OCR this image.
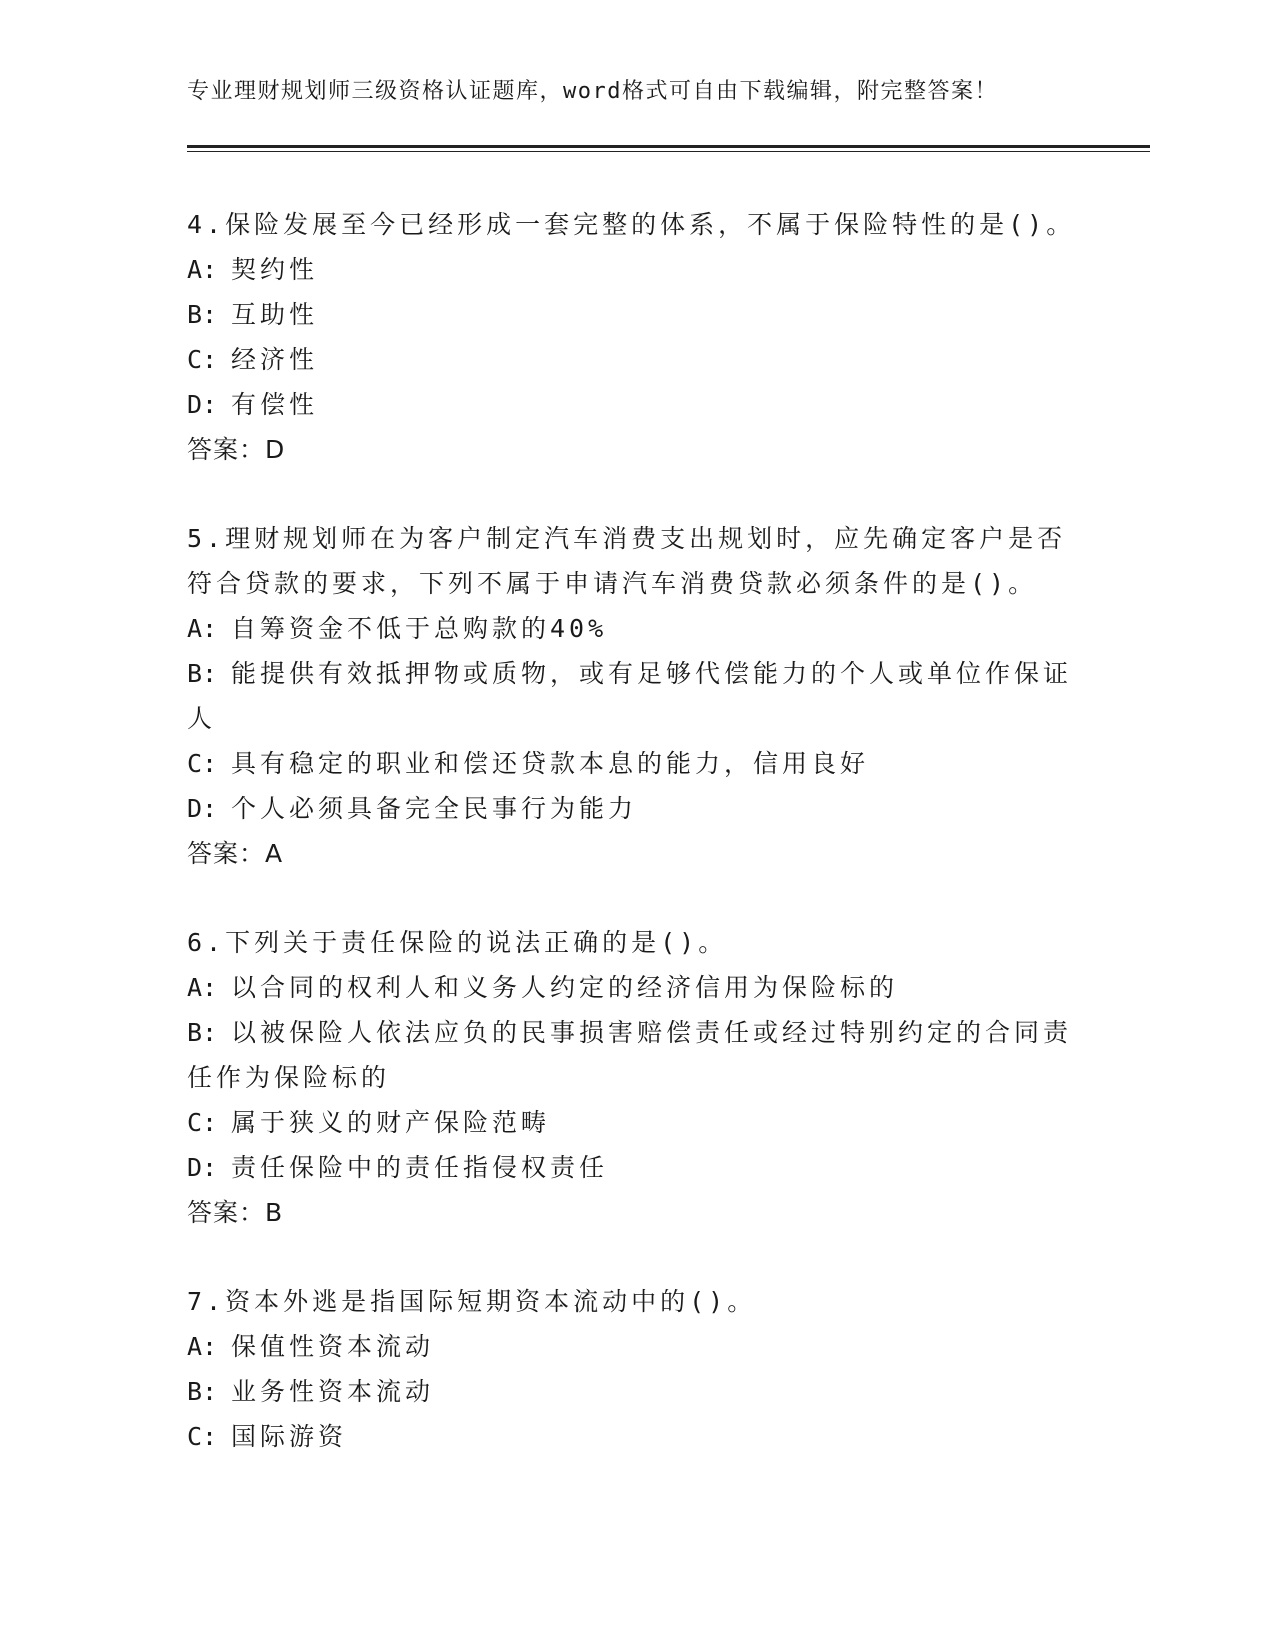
专业理财规划师三级资格认证题库，word格式可自由下载编辑，附完整答案！

4.保险发展至今已经形成一套完整的体系，不属于保险特性的是()。

A: 契约性

B: 互助性

C: 经济性

D: 有偿性

答案：D

5.理财规划师在为客户制定汽车消费支出规划时，应先确定客户是否符合贷款的要求，下列不属于申请汽车消费贷款必须条件的是()。

A: 自筹资金不低于总购款的40%

B: 能提供有效抵押物或质物，或有足够代偿能力的个人或单位作保证人

C: 具有稳定的职业和偿还贷款本息的能力，信用良好

D: 个人必须具备完全民事行为能力

答案：A

6.下列关于责任保险的说法正确的是()。

A: 以合同的权利人和义务人约定的经济信用为保险标的

B: 以被保险人依法应负的民事损害赔偿责任或经过特别约定的合同责任作为保险标的

C: 属于狭义的财产保险范畴

D: 责任保险中的责任指侵权责任

答案：B

7.资本外逃是指国际短期资本流动中的()。

A: 保值性资本流动

B: 业务性资本流动

C: 国际游资
